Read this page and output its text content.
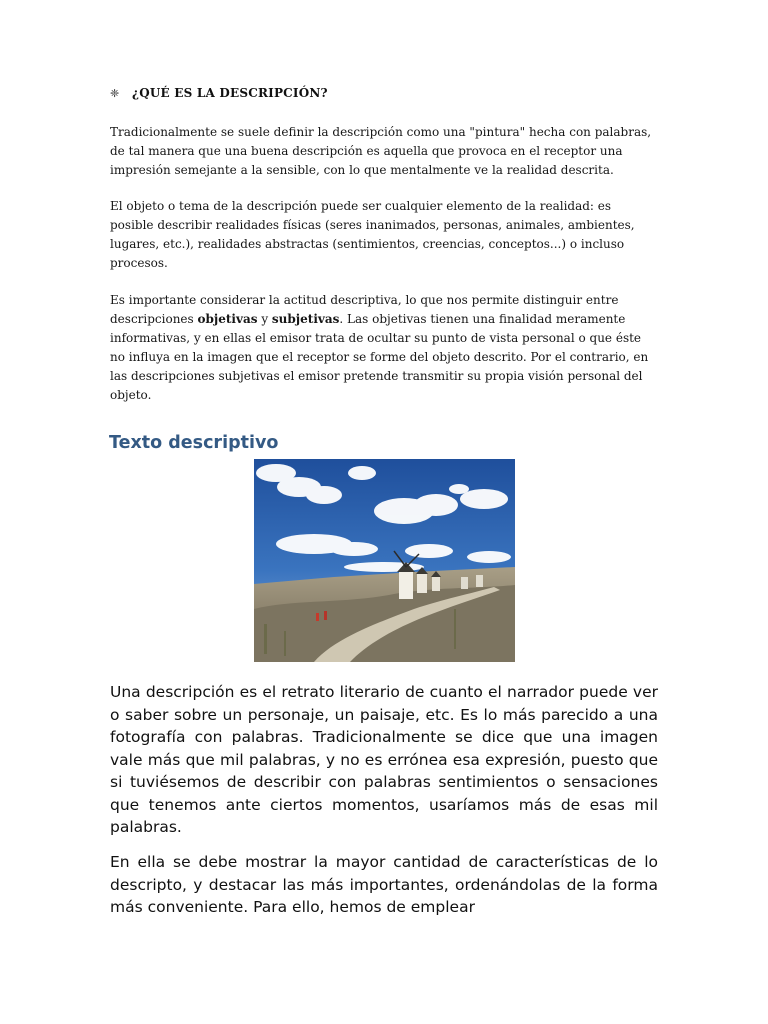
❈ ¿QUÉ ES LA DESCRIPCIÓN?

Tradicionalmente se suele definir la descripción como una "pintura" hecha con palabras, de tal manera que una buena descripción es aquella que provoca en el receptor una impresión semejante a la sensible, con lo que mentalmente ve la realidad descrita.

El objeto o tema de la descripción puede ser cualquier elemento de la realidad: es posible describir realidades físicas (seres inanimados, personas, animales, ambientes, lugares, etc.), realidades abstractas (sentimientos, creencias, conceptos...) o incluso procesos.

Es importante considerar la actitud descriptiva, lo que nos permite distinguir entre descripciones objetivas y subjetivas. Las objetivas tienen una finalidad meramente informativas, y en ellas el emisor trata de ocultar su punto de vista personal o que éste no influya en la imagen que el receptor se forme del objeto descrito. Por el contrario, en las descripciones subjetivas el emisor pretende transmitir su propia visión personal del objeto.

Texto descriptivo

Una descripción es el retrato literario de cuanto el narrador puede ver o saber sobre un personaje, un paisaje, etc. Es lo más parecido a una fotografía con palabras. Tradicionalmente se dice que una imagen vale más que mil palabras, y no es errónea esa expresión, puesto que si tuviésemos de describir con palabras sentimientos o sensaciones que tenemos ante ciertos momentos, usaríamos más de esas mil palabras.

En ella se debe mostrar la mayor cantidad de características de lo descripto, y destacar las más importantes, ordenándolas de la forma más conveniente. Para ello, hemos de emplear
